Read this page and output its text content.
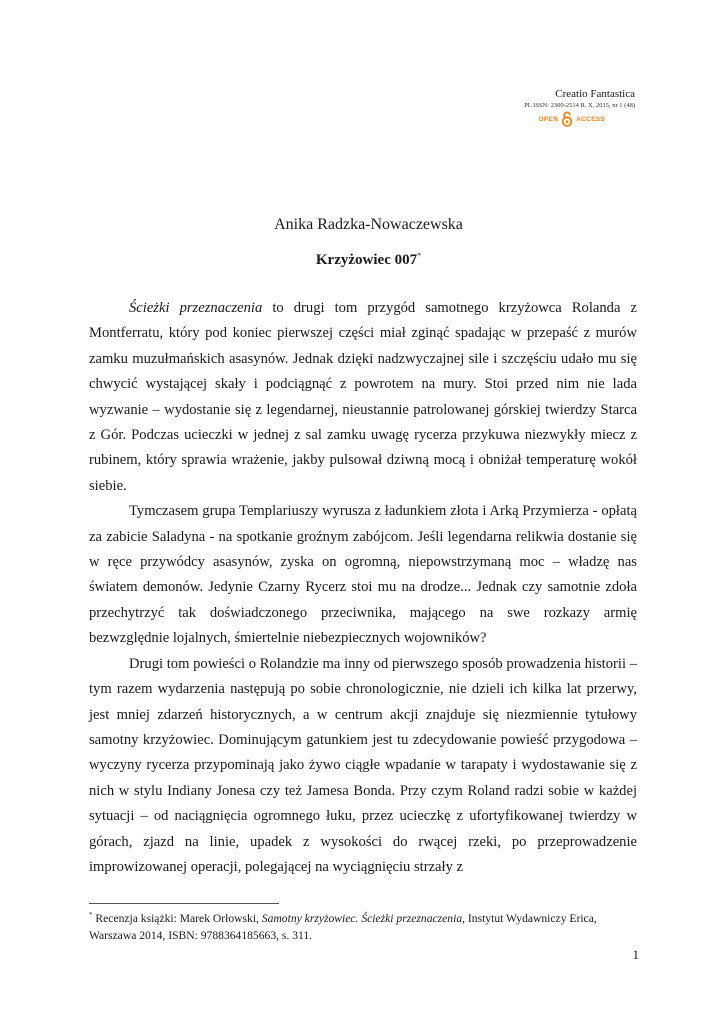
Creatio Fantastica
PL ISSN: 2300-2514 R. X, 2015, nr 1 (48)
OPEN	ACCESS
Anika Radzka-Nowaczewska
Krzyżowiec 007*

Ścieżki przeznaczenia to drugi tom przygód samotnego krzyżowca Rolanda z Montferratu, który pod koniec pierwszej części miał zginąć spadając w przepaść z murów zamku muzułmańskich asasynów. Jednak dzięki nadzwyczajnej sile i szczęściu udało mu się chwycić wystającej skały i podciągnąć z powrotem na mury. Stoi przed nim nie lada wyzwanie – wydostanie się z legendarnej, nieustannie patrolowanej górskiej twierdzy Starca z Gór. Podczas ucieczki w jednej z sal zamku uwagę rycerza przykuwa niezwykły miecz z rubinem, który sprawia wrażenie, jakby pulsował dziwną mocą i obniżał temperaturę wokół siebie.

Tymczasem grupa Templariuszy wyrusza z ładunkiem złota i Arką Przymierza - opłatą za zabicie Saladyna - na spotkanie groźnym zabójcom. Jeśli legendarna relikwia dostanie się w ręce przywódcy asasynów, zyska on ogromną, niepowstrzymaną moc – władzę nas światem demonów. Jedynie Czarny Rycerz stoi mu na drodze... Jednak czy samotnie zdoła przechytrzyć tak doświadczonego przeciwnika, mającego na swe rozkazy armię bezwzględnie lojalnych, śmiertelnie niebezpiecznych wojowników?

Drugi tom powieści o Rolandzie ma inny od pierwszego sposób prowadzenia historii – tym razem wydarzenia następują po sobie chronologicznie, nie dzieli ich kilka lat przerwy, jest mniej zdarzeń historycznych, a w centrum akcji znajduje się niezmiennie tytułowy samotny krzyżowiec. Dominującym gatunkiem jest tu zdecydowanie powieść przygodowa – wyczyny rycerza przypominają jako żywo ciągłe wpadanie w tarapaty i wydostawanie się z nich w stylu Indiany Jonesa czy też Jamesa Bonda. Przy czym Roland radzi sobie w każdej sytuacji – od naciągnięcia ogromnego łuku, przez ucieczkę z ufortyfikowanej twierdzy w górach, zjazd na linie, upadek z wysokości do rwącej rzeki, po przeprowadzenie improwizowanej operacji, polegającej na wyciągnięciu strzały z

* Recenzja książki: Marek Orłowski, Samotny krzyżowiec. Ścieżki przeznaczenia, Instytut Wydawniczy Erica, Warszawa 2014, ISBN: 9788364185663, s. 311.
1
